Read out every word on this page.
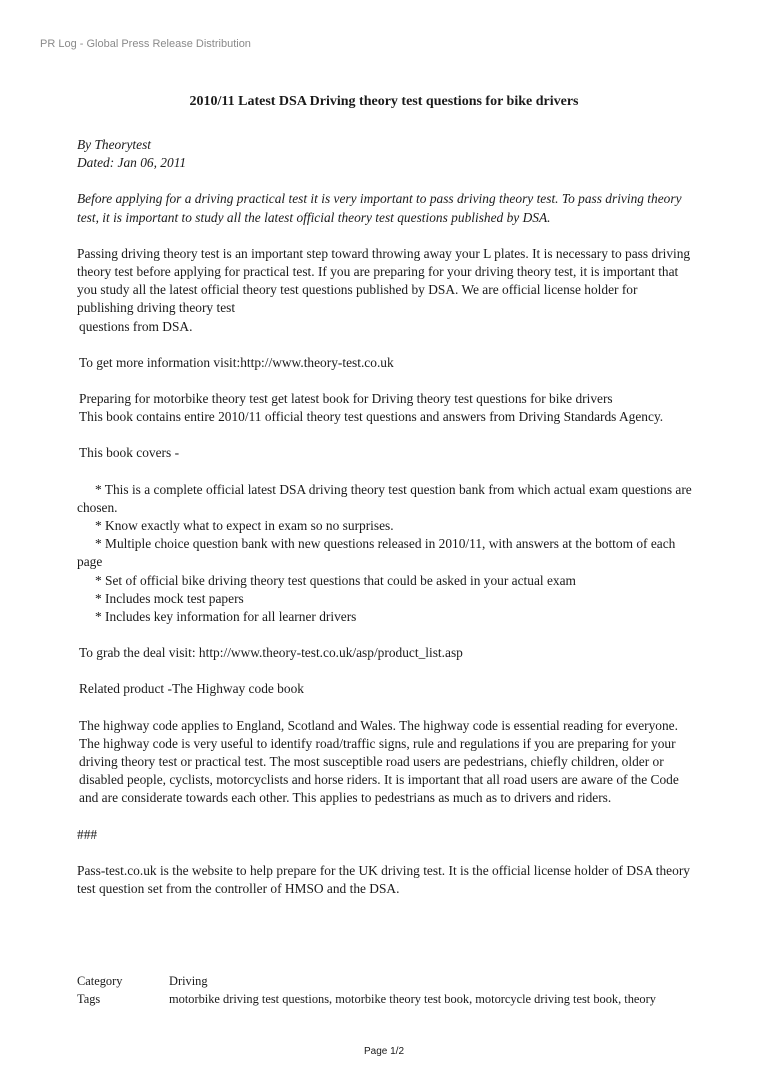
PR Log - Global Press Release Distribution
2010/11 Latest DSA Driving theory test questions for bike drivers

By Theorytest

Dated: Jan 06, 2011

Before applying for a driving practical test it is very important to pass driving theory test. To pass driving theory test, it is important to study all the latest official theory test questions published by DSA.

Passing driving theory test is an important step toward throwing away your L plates. It is necessary to pass driving theory test before applying for practical test. If you are preparing for your driving theory test, it is important that you study all the latest official theory test questions published by DSA. We are official license holder for publishing driving theory test

questions from DSA.

To get more information visit:http://www.theory-test.co.uk

Preparing for motorbike theory test get latest book for Driving theory test questions for bike drivers

This book contains entire 2010/11 official theory test questions and answers from Driving Standards Agency.

This book covers -

* This is a complete official latest DSA driving theory test question bank from which actual exam questions are chosen.

* Know exactly what to expect in exam so no surprises.

* Multiple choice question bank with new questions released in 2010/11, with answers at the bottom of each page

* Set of official bike driving theory test questions that could be asked in your actual exam

* Includes mock test papers

* Includes key information for all learner drivers

To grab the deal visit: http://www.theory-test.co.uk/asp/product_list.asp

Related product -The Highway code book

The highway code applies to England, Scotland and Wales. The highway code is essential reading for everyone.

The highway code is very useful to identify road/traffic signs, rule and regulations if you are preparing for your driving theory test or practical test. The most susceptible road users are pedestrians, chiefly children, older or disabled people, cyclists, motorcyclists and horse riders. It is important that all road users are aware of the Code and are considerate towards each other. This applies to pedestrians as much as to drivers and riders.

###

Pass-test.co.uk is the website to help prepare for the UK driving test. It is the official license holder of DSA theory test question set from the controller of HMSO and the DSA.

Category	Driving
Tags	motorbike driving test questions, motorbike theory test book, motorcycle driving test book, theory
Page 1/2
